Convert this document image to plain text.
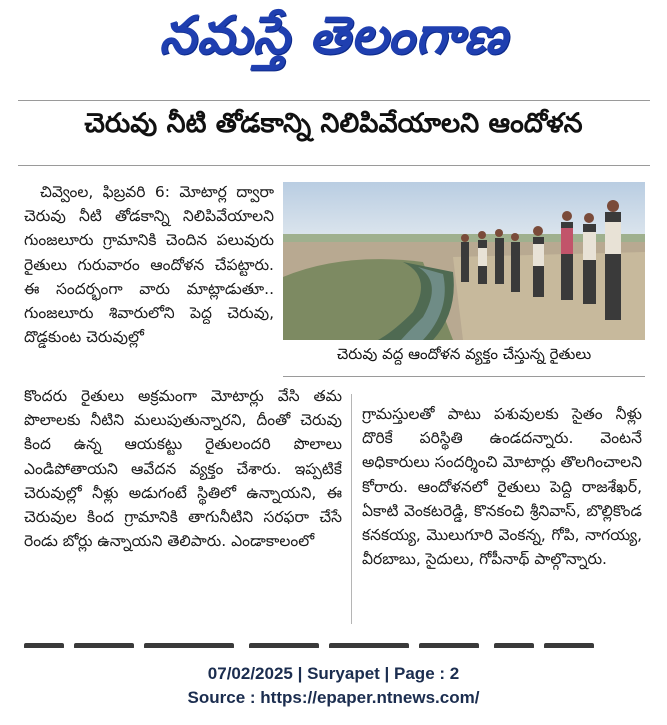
నమస్తే తెలంగాణ
చెరువు నీటి తోడకాన్ని నిలిపివేయాలని ఆందోళన

చివ్వెంల, ఫిబ్రవరి 6: మోటార్ల ద్వారా చెరువు నీటి తోడకాన్ని నిలిపివేయాలని గుంజలూరు గ్రామానికి చెందిన పలువురు రైతులు గురువారం ఆందోళన చేపట్టారు. ఈ సందర్భంగా వారు మాట్లాడుతూ.. గుంజలూరు శివారులోని పెద్ద చెరువు, దొడ్డకుంట చెరువుల్లో

చెరువు వద్ద ఆందోళన వ్యక్తం చేస్తున్న రైతులు

కొందరు రైతులు అక్రమంగా మోటార్లు వేసి తమ పొలాలకు నీటిని మలుపుతున్నారని, దీంతో చెరువు కింద ఉన్న ఆయకట్టు రైతులందరి పొలాలు ఎండిపోతాయని ఆవేదన వ్యక్తం చేశారు. ఇప్పటికే చెరువుల్లో నీళ్లు అడుగంటే స్థితిలో ఉన్నాయని, ఈ చెరువుల కింద గ్రామానికి తాగునీటిని సరఫరా చేసే రెండు బోర్లు ఉన్నాయని తెలిపారు. ఎండాకాలంలో

గ్రామస్తులతో పాటు పశువులకు సైతం నీళ్లు దొరికే పరిస్థితి ఉండదన్నారు. వెంటనే అధికారులు సందర్శించి మోటార్లు తొలగించాలని కోరారు. ఆందోళనలో రైతులు పెద్ది రాజశేఖర్, ఏకాటి వెంకటరెడ్డి, కొనకంచి శ్రీనివాస్, బొల్లికొండ కనకయ్య, మొలుగూరి వెంకన్న, గోపి, నాగయ్య, వీరబాబు, సైదులు, గోపీనాథ్ పాల్గొన్నారు.

07/02/2025 | Suryapet | Page : 2
Source : https://epaper.ntnews.com/
